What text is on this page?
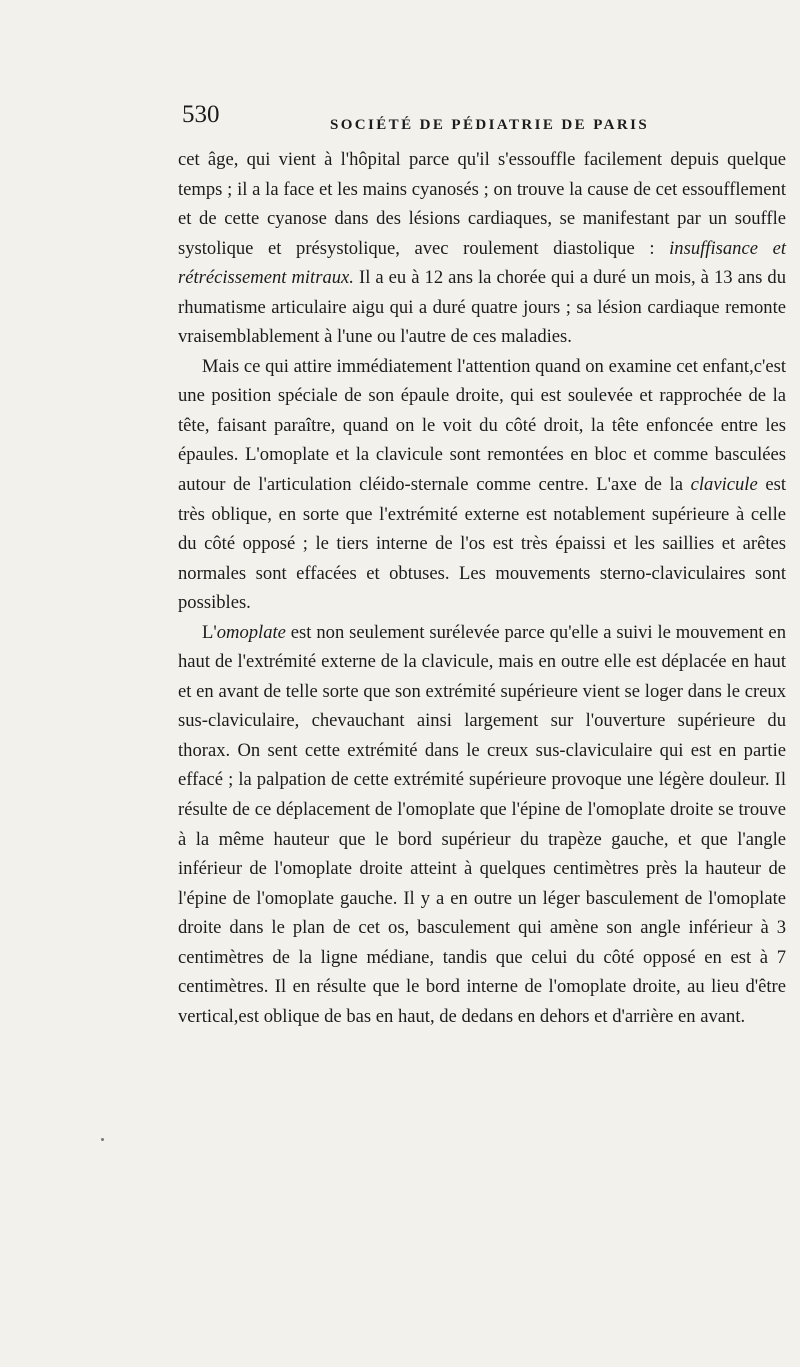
530	SOCIÉTÉ DE PÉDIATRIE DE PARIS

cet âge, qui vient à l'hôpital parce qu'il s'essouffle facilement depuis quelque temps ; il a la face et les mains cyanosés ; on trouve la cause de cet essoufflement et de cette cyanose dans des lésions cardiaques, se manifestant par un souffle systolique et présystolique, avec roulement diastolique : insuffisance et rétrécissement mitraux. Il a eu à 12 ans la chorée qui a duré un mois, à 13 ans du rhumatisme articulaire aigu qui a duré quatre jours ; sa lésion cardiaque remonte vraisemblablement à l'une ou l'autre de ces maladies.

Mais ce qui attire immédiatement l'attention quand on examine cet enfant,c'est une position spéciale de son épaule droite, qui est soulevée et rapprochée de la tête, faisant paraître, quand on le voit du côté droit, la tête enfoncée entre les épaules. L'omoplate et la clavicule sont remontées en bloc et comme basculées autour de l'articulation cléido-sternale comme centre. L'axe de la clavicule est très oblique, en sorte que l'extrémité externe est notablement supérieure à celle du côté opposé ; le tiers interne de l'os est très épaissi et les saillies et arêtes normales sont effacées et obtuses. Les mouvements sterno-claviculaires sont possibles.

L'omoplate est non seulement surélevée parce qu'elle a suivi le mouvement en haut de l'extrémité externe de la clavicule, mais en outre elle est déplacée en haut et en avant de telle sorte que son extrémité supérieure vient se loger dans le creux sus-claviculaire, chevauchant ainsi largement sur l'ouverture supérieure du thorax. On sent cette extrémité dans le creux sus-claviculaire qui est en partie effacé ; la palpation de cette extrémité supérieure provoque une légère douleur. Il résulte de ce déplacement de l'omoplate que l'épine de l'omoplate droite se trouve à la même hauteur que le bord supérieur du trapèze gauche, et que l'angle inférieur de l'omoplate droite atteint à quelques centimètres près la hauteur de l'épine de l'omoplate gauche. Il y a en outre un léger basculement de l'omoplate droite dans le plan de cet os, basculement qui amène son angle inférieur à 3 centimètres de la ligne médiane, tandis que celui du côté opposé en est à 7 centimètres. Il en résulte que le bord interne de l'omoplate droite, au lieu d'être vertical,est oblique de bas en haut, de dedans en dehors et d'arrière en avant.
